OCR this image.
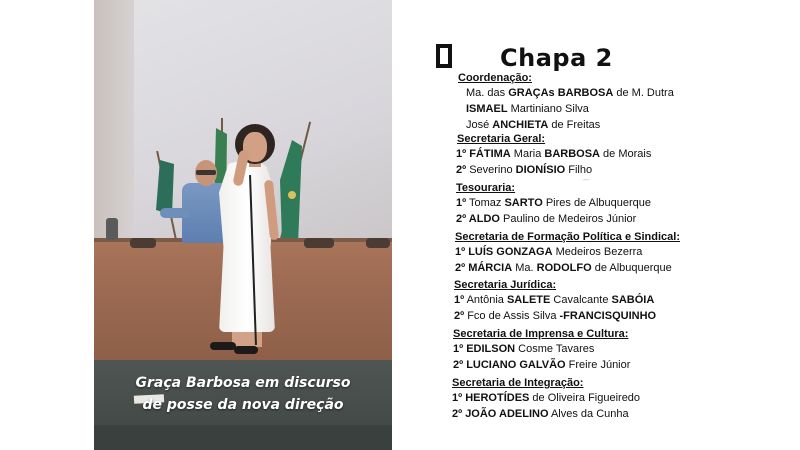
Graça Barbosa em discurso
de posse da nova direção
Chapa 2
~
Coordenação:
Ma. das GRAÇAs BARBOSA de M. Dutra
ISMAEL Martiniano Silva
José ANCHIETA de Freitas
Secretaria Geral:
1º FÁTIMA Maria BARBOSA de Morais
2º Severino DIONÍSIO Filho
Tesouraria:
1º Tomaz SARTO Pires de Albuquerque
2º ALDO Paulino de Medeiros Júnior
Secretaria de Formação Política e Sindical:
1º LUÍS GONZAGA Medeiros Bezerra
2º MÁRCIA Ma. RODOLFO de Albuquerque
Secretaria Jurídica:
1º Antônia SALETE Cavalcante SABÓIA
2º Fco de Assis Silva -FRANCISQUINHO
Secretaria de Imprensa e Cultura:
1º EDILSON Cosme Tavares
2º LUCIANO GALVÃO Freire Júnior
Secretaria de Integração:
1º HEROTÍDES de Oliveira Figueiredo
2º JOÃO ADELINO Alves da Cunha
